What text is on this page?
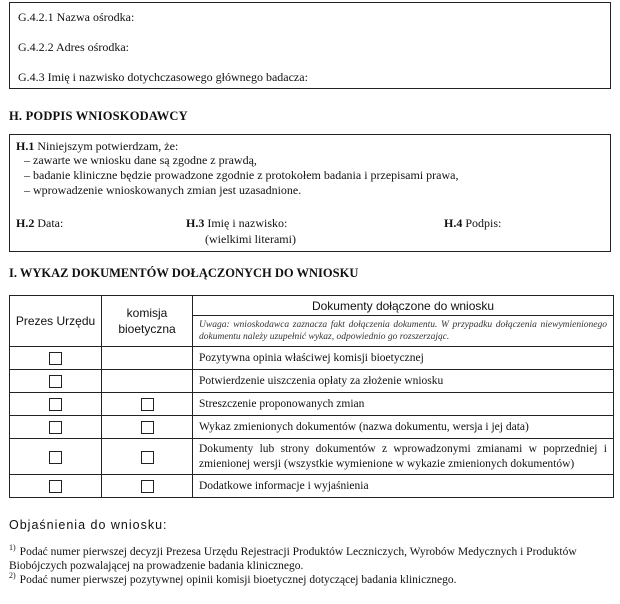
G.4.2.1 Nazwa ośrodka:
G.4.2.2 Adres ośrodka:
G.4.3 Imię i nazwisko dotychczasowego głównego badacza:
H. PODPIS WNIOSKODAWCY
H.1 Niniejszym potwierdzam, że:
– zawarte we wniosku dane są zgodne z prawdą,
– badanie kliniczne będzie prowadzone zgodnie z protokołem badania i przepisami prawa,
– wprowadzenie wnioskowanych zmian jest uzasadnione.
H.2 Data:	H.3 Imię i nazwisko:
(wielkimi literami)
H.4 Podpis:
I. WYKAZ DOKUMENTÓW DOŁĄCZONYCH DO WNIOSKU
Prezes Urzędu	komisja bioetyczna	Dokumenty dołączone do wniosku
		Uwaga: wnioskodawca zaznacza fakt dołączenia dokumentu. W przypadku dołączenia niewymienionego dokumentu należy uzupełnić wykaz, odpowiednio go rozszerzając.
		Pozytywna opinia właściwej komisji bioetycznej
		Potwierdzenie uiszczenia opłaty za złożenie wniosku
		Streszczenie proponowanych zmian
		Wykaz zmienionych dokumentów (nazwa dokumentu, wersja i jej data)
		Dokumenty lub strony dokumentów z wprowadzonymi zmianami w poprzedniej i zmienionej wersji (wszystkie wymienione w wykazie zmienionych dokumentów)
		Dodatkowe informacje i wyjaśnienia
Objaśnienia do wniosku:
$^{1)}$ Podać numer pierwszej decyzji Prezesa Urzędu Rejestracji Produktów Leczniczych, Wyrobów Medycznych i Produktów Biobójczych pozwalającej na prowadzenie badania klinicznego.
$^{2)}$ Podać numer pierwszej pozytywnej opinii komisji bioetycznej dotyczącej badania klinicznego.
